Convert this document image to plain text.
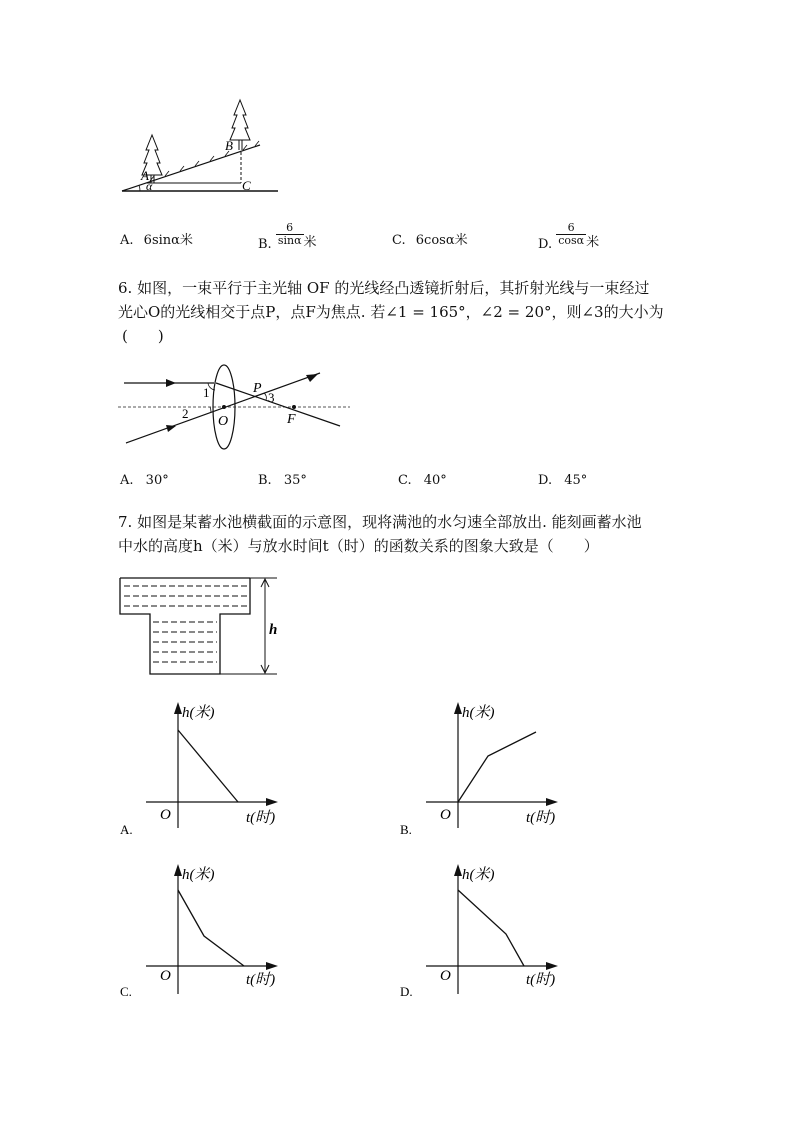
A
B
C
α
A. 6sinα米	B. $\frac{6}{\sin\alpha}$ 米	C. 6cosα米	D. $\frac{6}{\cos\alpha}$ 米
6. 如图，一束平行于主光轴 OF 的光线经凸透镜折射后，其折射光线与一束经过
光心O的光线相交于点P，点F为焦点. 若∠1 = 165°，∠2 = 20°，则∠3的大小为
(　　)
1
2
3
P
O	F
A. 30°	B. 35°	C. 40°	D. 45°
7. 如图是某蓄水池横截面的示意图，现将满池的水匀速全部放出. 能刻画蓄水池
中水的高度h（米）与放水时间t（时）的函数关系的图象大致是（　　）
h
h(米)
t(时)
O
A.
h(米)
t(时)
O
B.
h(米)
t(时)
O
C.
h(米)
t(时)
O
D.
